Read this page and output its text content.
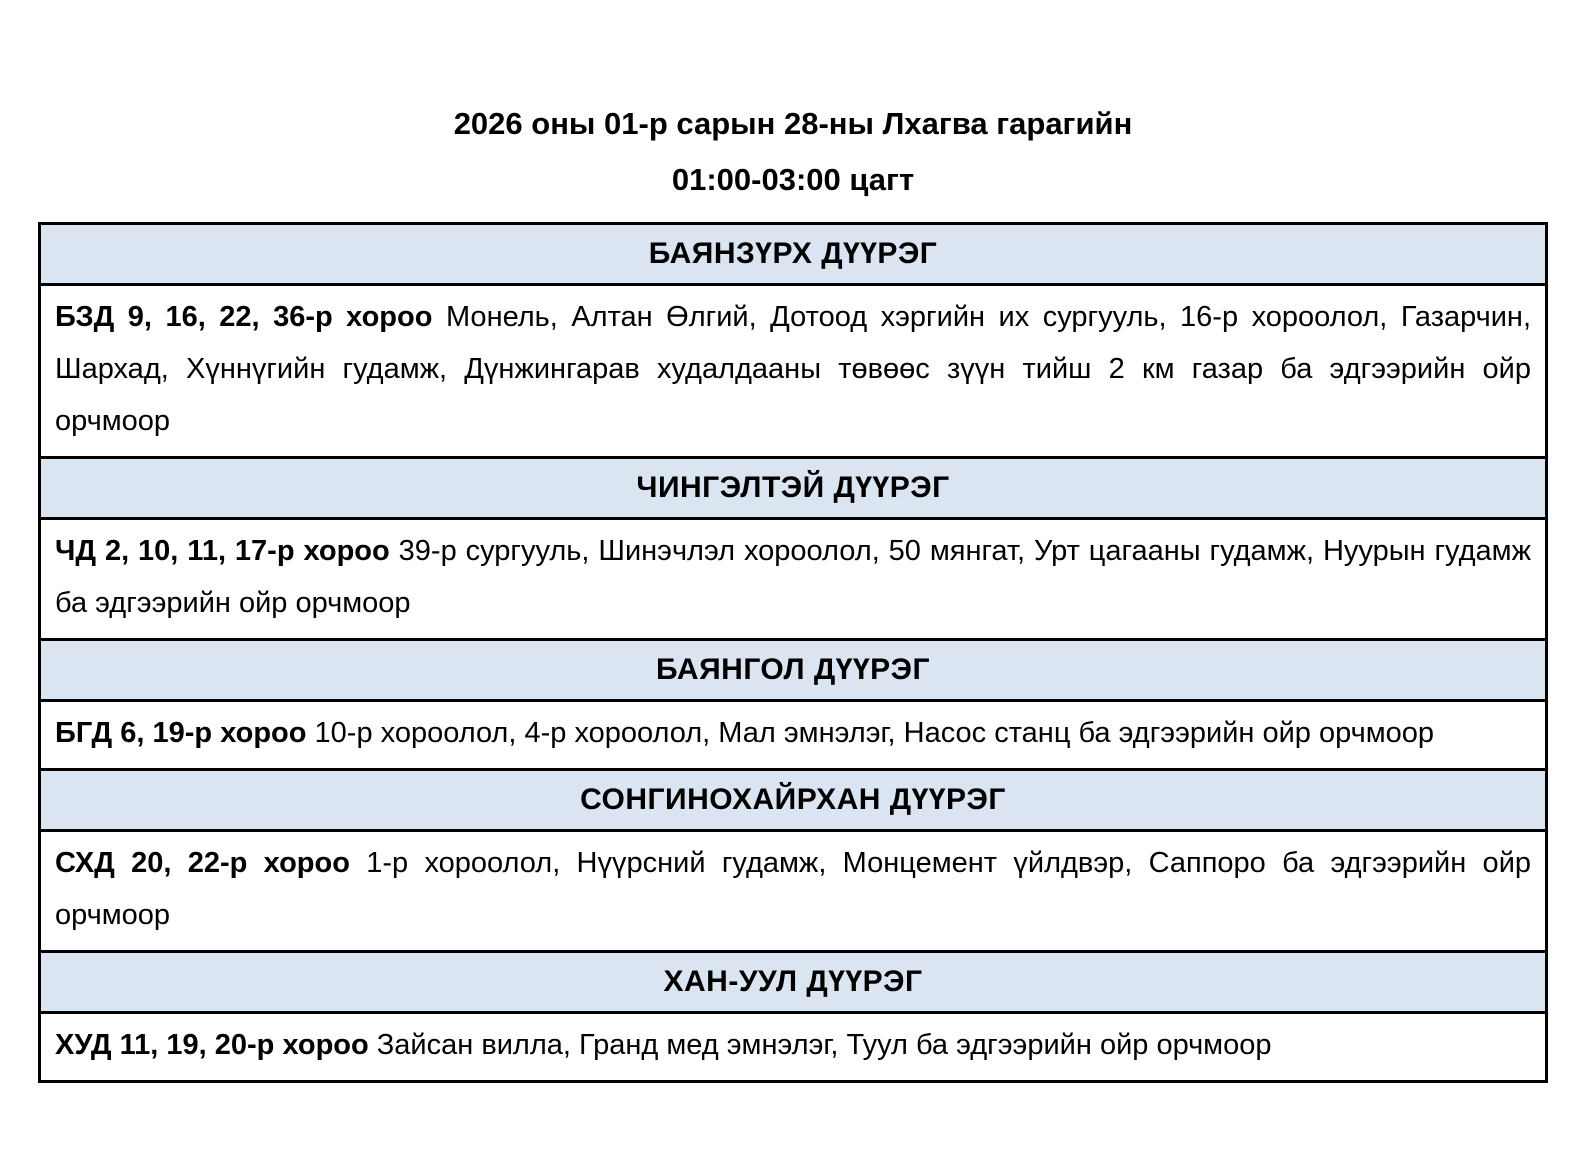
2026 оны 01-р сарын 28-ны Лхагва гарагийн
01:00-03:00 цагт
БАЯНЗҮРХ ДҮҮРЭГ
БЗД 9, 16, 22, 36-р хороо Монель, Алтан Өлгий, Дотоод хэргийн их сургууль, 16-р хороолол, Газарчин, Шархад, Хүннүгийн гудамж, Дүнжингарав худалдааны төвөөс зүүн тийш 2 км газар ба эдгээрийн ойр орчмоор
ЧИНГЭЛТЭЙ ДҮҮРЭГ
ЧД 2, 10, 11, 17-р хороо 39-р сургууль, Шинэчлэл хороолол, 50 мянгат, Урт цагааны гудамж, Нуурын гудамж ба эдгээрийн ойр орчмоор
БАЯНГОЛ ДҮҮРЭГ
БГД 6, 19-р хороо 10-р хороолол, 4-р хороолол, Мал эмнэлэг, Насос станц ба эдгээрийн ойр орчмоор
СОНГИНОХАЙРХАН ДҮҮРЭГ
СХД 20, 22-р хороо 1-р хороолол, Нүүрсний гудамж, Монцемент үйлдвэр, Саппоро ба эдгээрийн ойр орчмоор
ХАН-УУЛ ДҮҮРЭГ
ХУД 11, 19, 20-р хороо Зайсан вилла, Гранд мед эмнэлэг, Туул ба эдгээрийн ойр орчмоор
